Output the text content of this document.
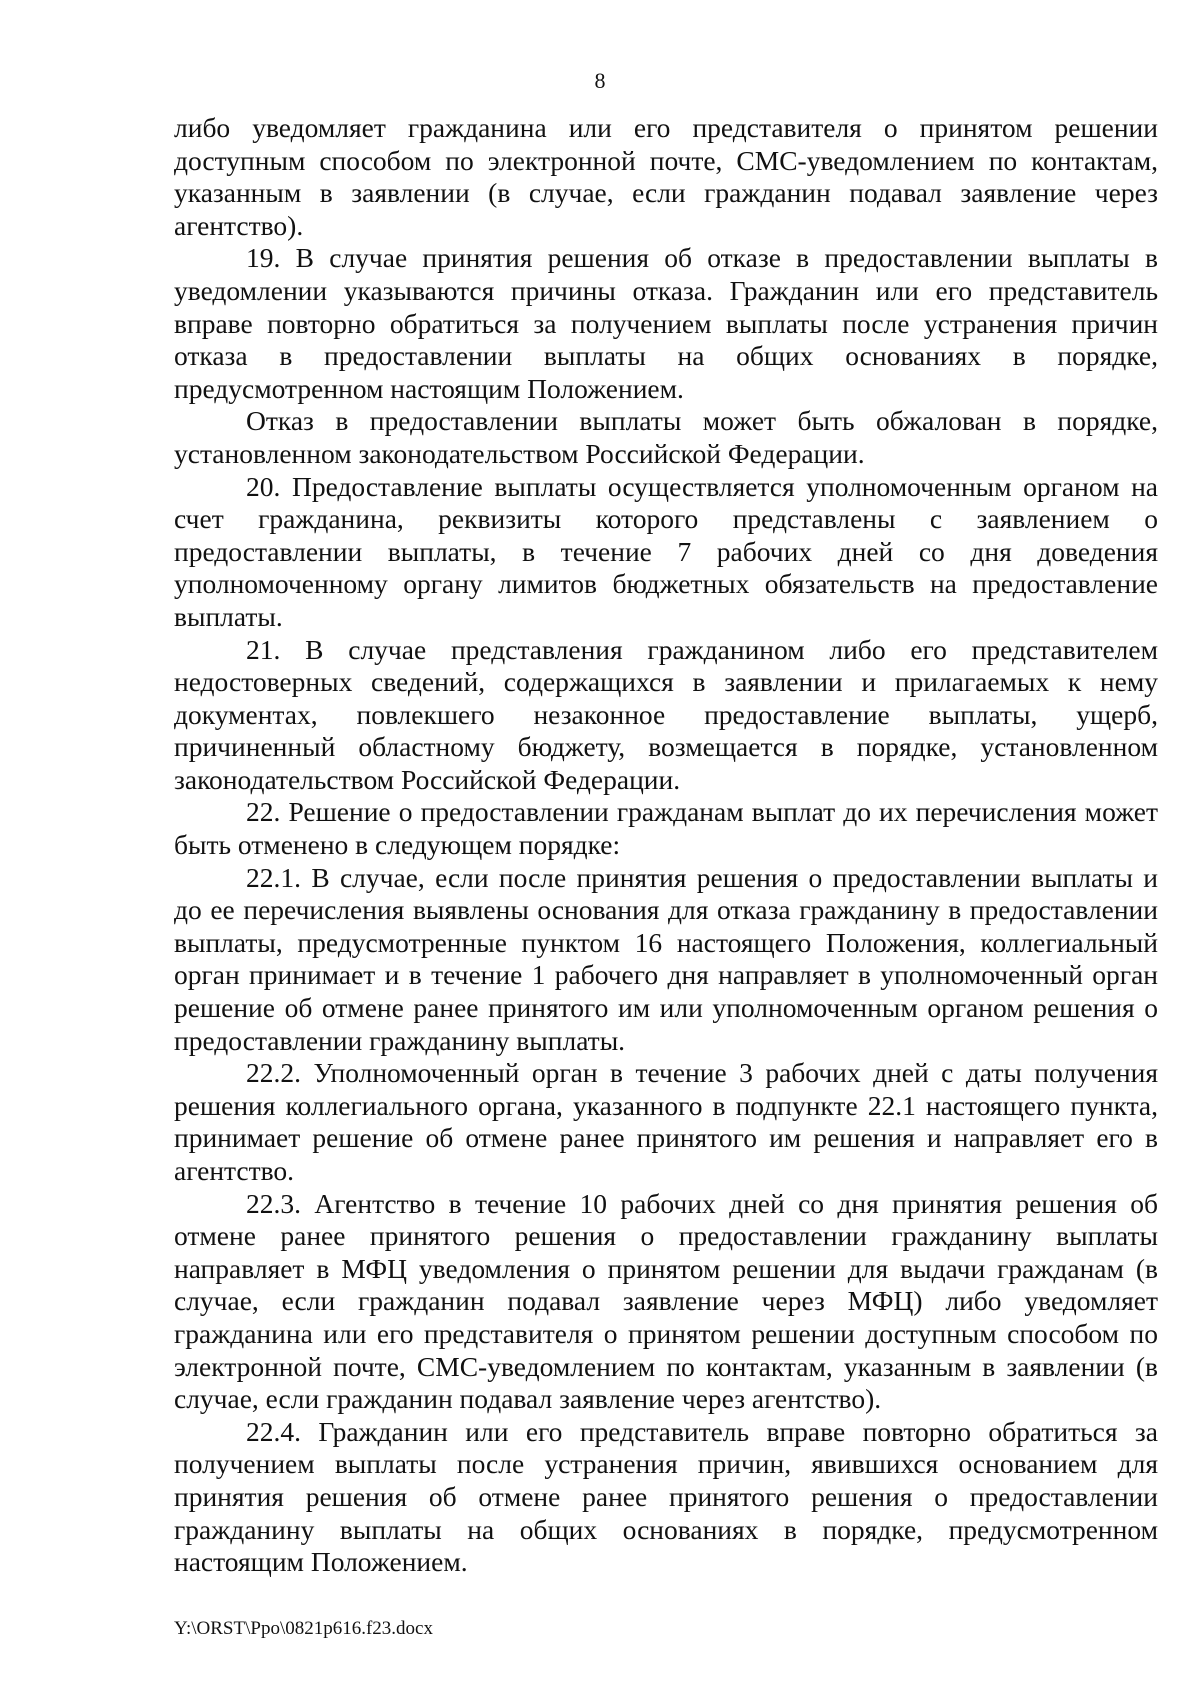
8

либо уведомляет гражданина или его представителя о принятом решении доступным способом по электронной почте, СМС-уведомлением по контактам, указанным в заявлении (в случае, если гражданин подавал заявление через агентство).

19. В случае принятия решения об отказе в предоставлении выплаты в уведомлении указываются причины отказа. Гражданин или его представитель вправе повторно обратиться за получением выплаты после устранения причин отказа в предоставлении выплаты на общих основаниях в порядке, предусмотренном настоящим Положением.

Отказ в предоставлении выплаты может быть обжалован в порядке, установленном законодательством Российской Федерации.

20. Предоставление выплаты осуществляется уполномоченным органом на счет гражданина, реквизиты которого представлены с заявлением о предоставлении выплаты, в течение 7 рабочих дней со дня доведения уполномоченному органу лимитов бюджетных обязательств на предоставление выплаты.

21. В случае представления гражданином либо его представителем недостоверных сведений, содержащихся в заявлении и прилагаемых к нему документах, повлекшего незаконное предоставление выплаты, ущерб, причиненный областному бюджету, возмещается в порядке, установленном законодательством Российской Федерации.

22. Решение о предоставлении гражданам выплат до их перечисления может быть отменено в следующем порядке:

22.1. В случае, если после принятия решения о предоставлении выплаты и до ее перечисления выявлены основания для отказа гражданину в предоставлении выплаты, предусмотренные пунктом 16 настоящего Положения, коллегиальный орган принимает и в течение 1 рабочего дня направляет в уполномоченный орган решение об отмене ранее принятого им или уполномоченным органом решения о предоставлении гражданину выплаты.

22.2. Уполномоченный орган в течение 3 рабочих дней с даты получения решения коллегиального органа, указанного в подпункте 22.1 настоящего пункта, принимает решение об отмене ранее принятого им решения и направляет его в агентство.

22.3. Агентство в течение 10 рабочих дней со дня принятия решения об отмене ранее принятого решения о предоставлении гражданину выплаты направляет в МФЦ уведомления о принятом решении для выдачи гражданам (в случае, если гражданин подавал заявление через МФЦ) либо уведомляет гражданина или его представителя о принятом решении доступным способом по электронной почте, СМС-уведомлением по контактам, указанным в заявлении (в случае, если гражданин подавал заявление через агентство).

22.4. Гражданин или его представитель вправе повторно обратиться за получением выплаты после устранения причин, явившихся основанием для принятия решения об отмене ранее принятого решения о предоставлении гражданину выплаты на общих основаниях в порядке, предусмотренном настоящим Положением.

Y:\ORST\Ppo\0821p616.f23.docx
